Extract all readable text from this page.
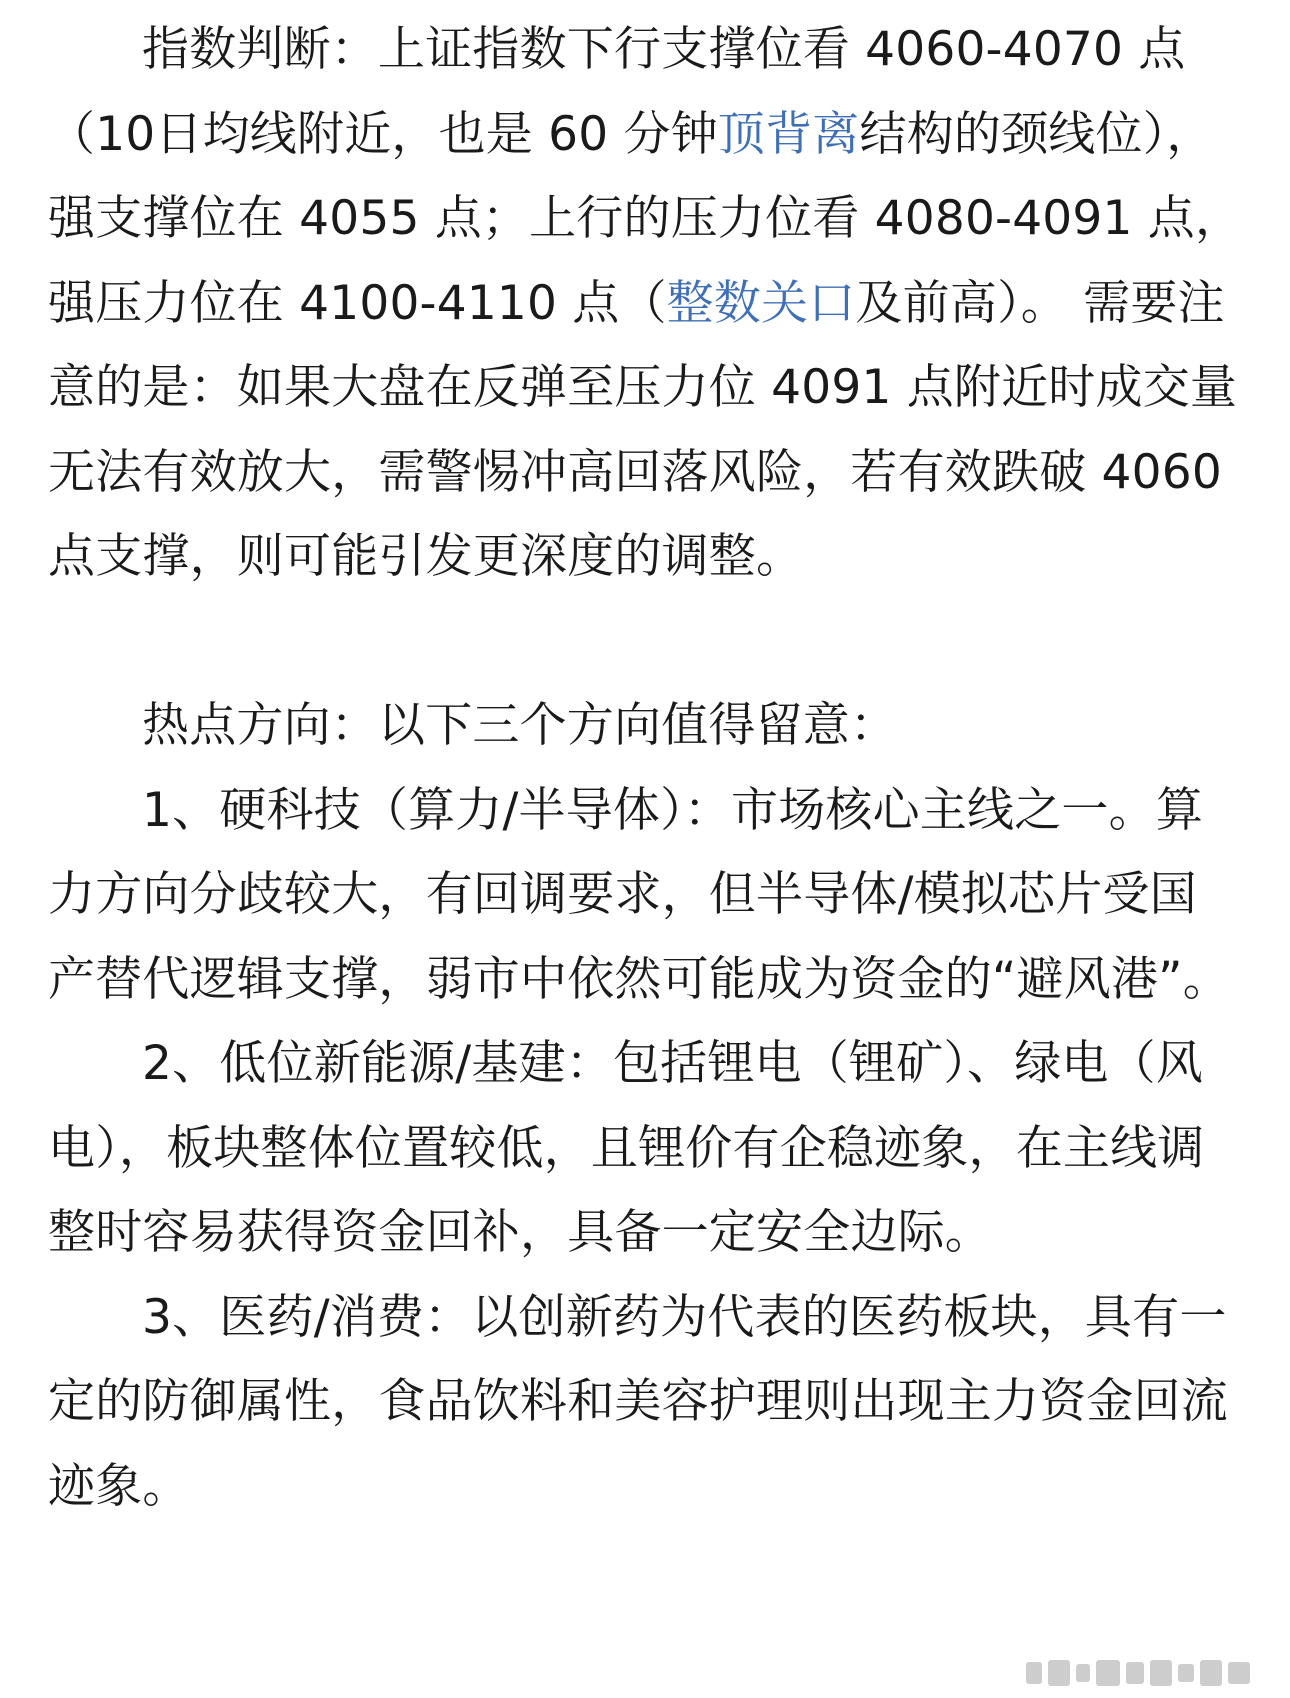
指数判断：上证指数下行支撑位看 4060-4070 点（10日均线附近，也是 60 分钟顶背离结构的颈线位），强支撑位在 4055 点；上行的压力位看 4080-4091 点，强压力位在 4100-4110 点（整数关口及前高）。 需要注意的是：如果大盘在反弹至压力位 4091 点附近时成交量无法有效放大，需警惕冲高回落风险，若有效跌破 4060 点支撑，则可能引发更深度的调整。

热点方向：以下三个方向值得留意：

1、硬科技（算力/半导体）：市场核心主线之一。算力方向分歧较大，有回调要求，但半导体/模拟芯片受国产替代逻辑支撑，弱市中依然可能成为资金的“避风港”。

2、低位新能源/基建：包括锂电（锂矿）、绿电（风电），板块整体位置较低，且锂价有企稳迹象，在主线调整时容易获得资金回补，具备一定安全边际。

3、医药/消费：以创新药为代表的医药板块，具有一定的防御属性，食品饮料和美容护理则出现主力资金回流迹象。
